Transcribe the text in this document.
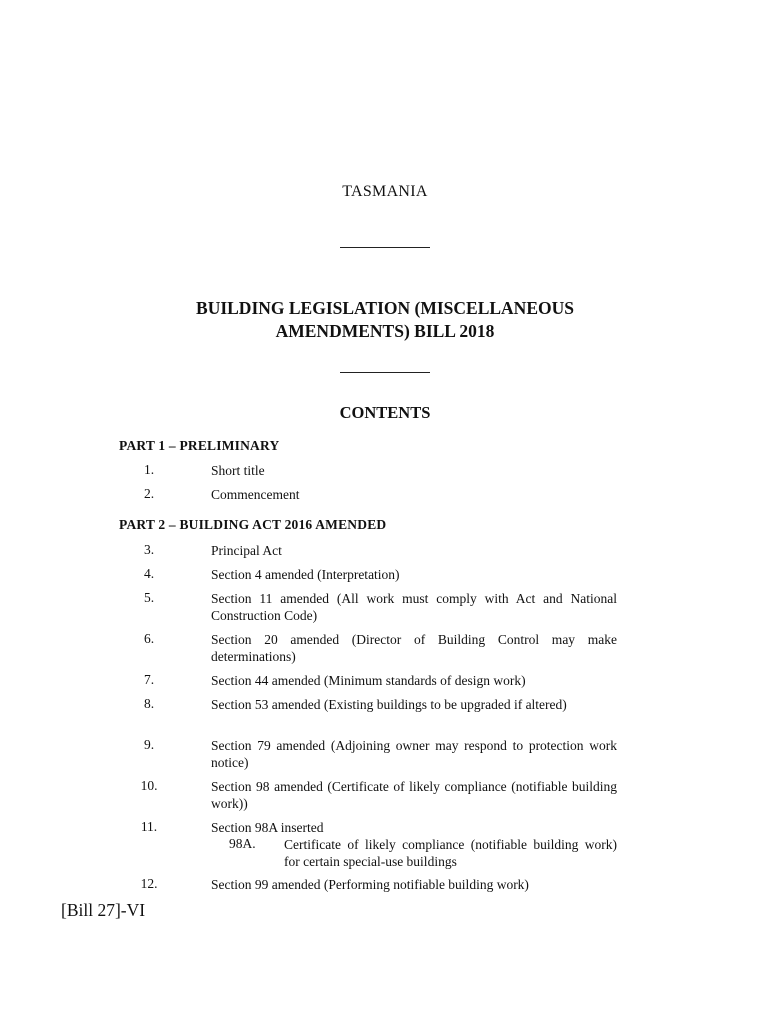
TASMANIA
BUILDING LEGISLATION (MISCELLANEOUS
AMENDMENTS) BILL 2018
CONTENTS
PART 1 – PRELIMINARY
1.	Short title
2.	Commencement
PART 2 – BUILDING ACT 2016 AMENDED
3.	Principal Act
4.	Section 4 amended (Interpretation)
5.	Section 11 amended (All work must comply with Act and National Construction Code)
6.	Section 20 amended (Director of Building Control may make determinations)
7.	Section 44 amended (Minimum standards of design work)
8.	Section 53 amended (Existing buildings to be upgraded if altered)
9.	Section 79 amended (Adjoining owner may respond to protection work notice)
10.	Section 98 amended (Certificate of likely compliance (notifiable building work))
11.	Section 98A inserted
98A. Certificate of likely compliance (notifiable building work) for certain special-use buildings
12.	Section 99 amended (Performing notifiable building work)
[Bill 27]-VI
